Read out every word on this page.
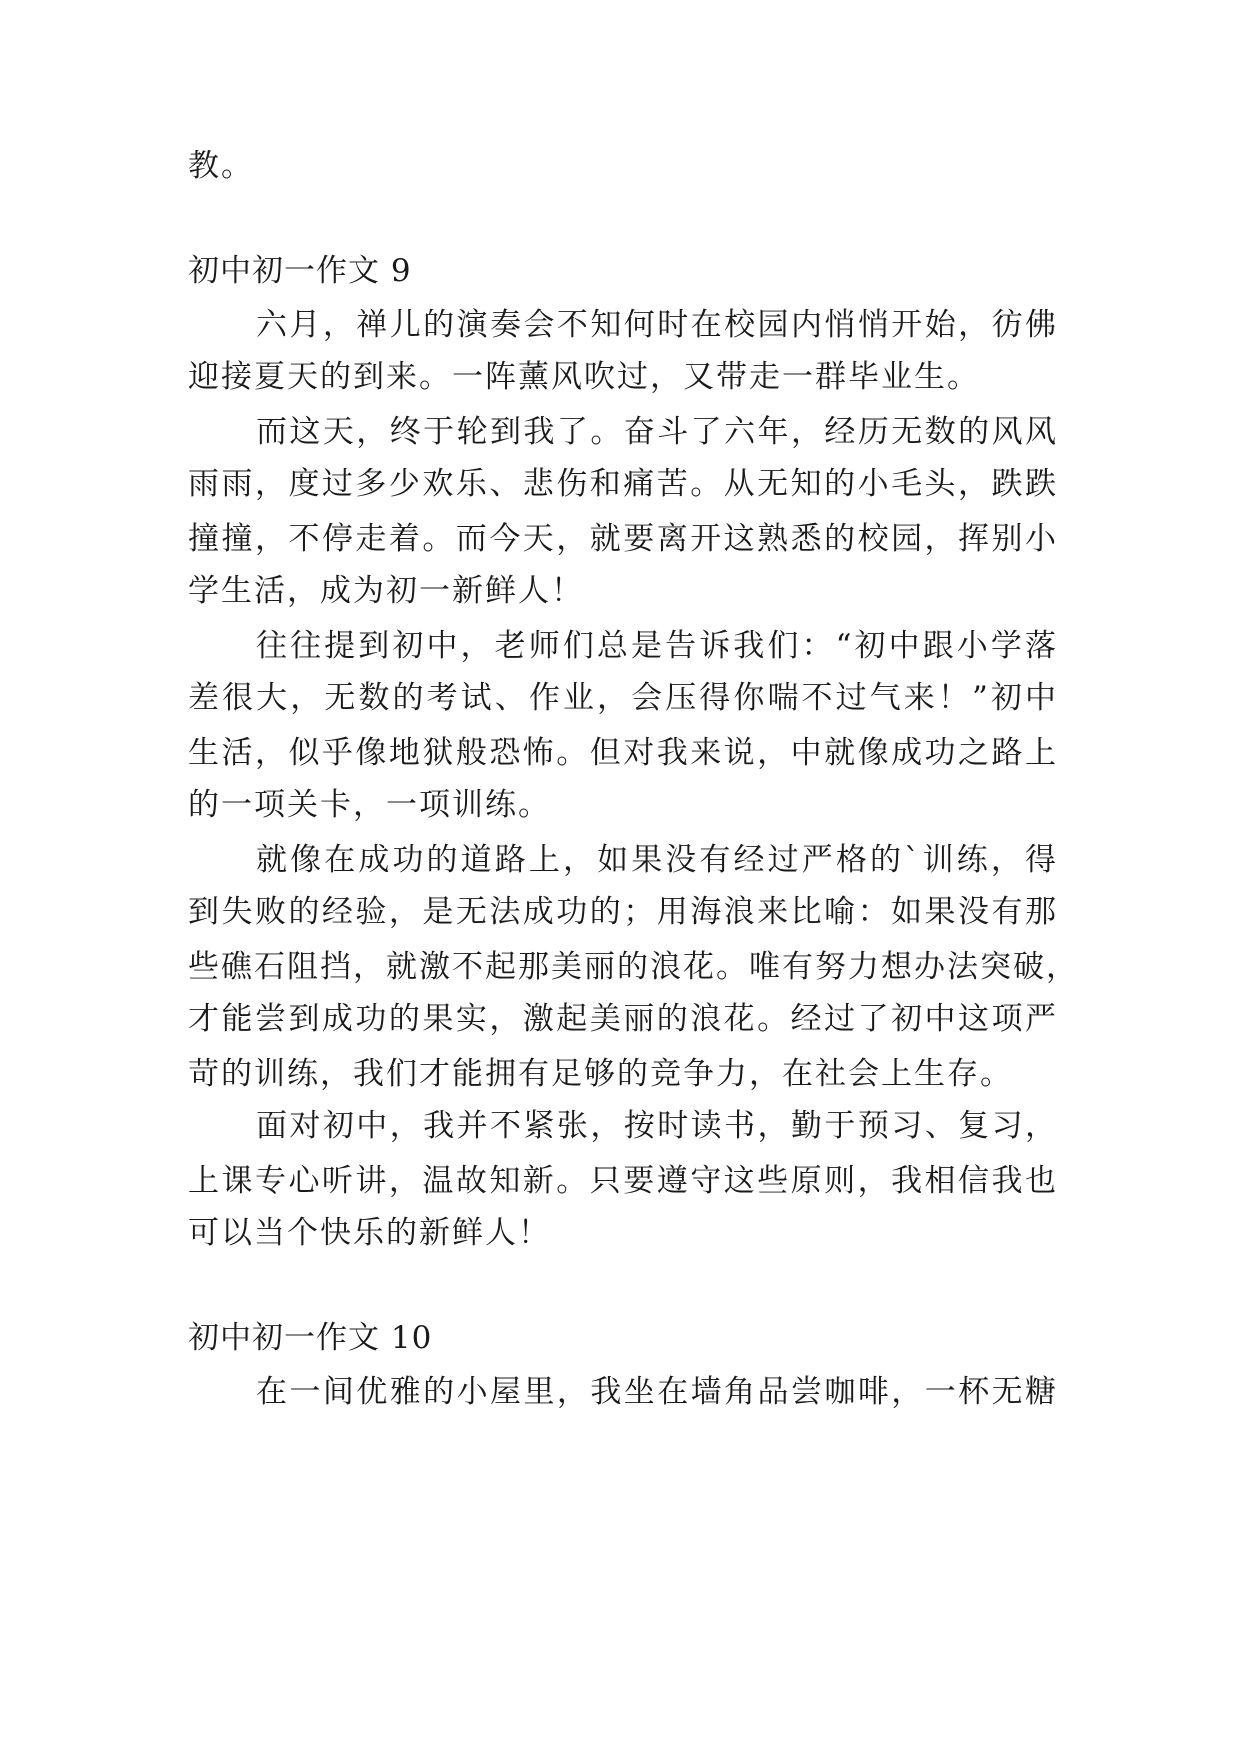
教。
初中初一作文 9
六月，禅儿的演奏会不知何时在校园内悄悄开始，彷佛
迎接夏天的到来。一阵薰风吹过，又带走一群毕业生。
而这天，终于轮到我了。奋斗了六年，经历无数的风风
雨雨，度过多少欢乐、悲伤和痛苦。从无知的小毛头，跌跌
撞撞，不停走着。而今天，就要离开这熟悉的校园，挥别小
学生活，成为初一新鲜人！
往往提到初中，老师们总是告诉我们：“初中跟小学落
差很大，无数的考试、作业，会压得你喘不过气来！”初中
生活，似乎像地狱般恐怖。但对我来说，中就像成功之路上
的一项关卡，一项训练。
就像在成功的道路上，如果没有经过严格的`训练，得
到失败的经验，是无法成功的；用海浪来比喻：如果没有那
些礁石阻挡，就激不起那美丽的浪花。唯有努力想办法突破，
才能尝到成功的果实，激起美丽的浪花。经过了初中这项严
苛的训练，我们才能拥有足够的竞争力，在社会上生存。
面对初中，我并不紧张，按时读书，勤于预习、复习，
上课专心听讲，温故知新。只要遵守这些原则，我相信我也
可以当个快乐的新鲜人！
初中初一作文 10
在一间优雅的小屋里，我坐在墙角品尝咖啡，一杯无糖
